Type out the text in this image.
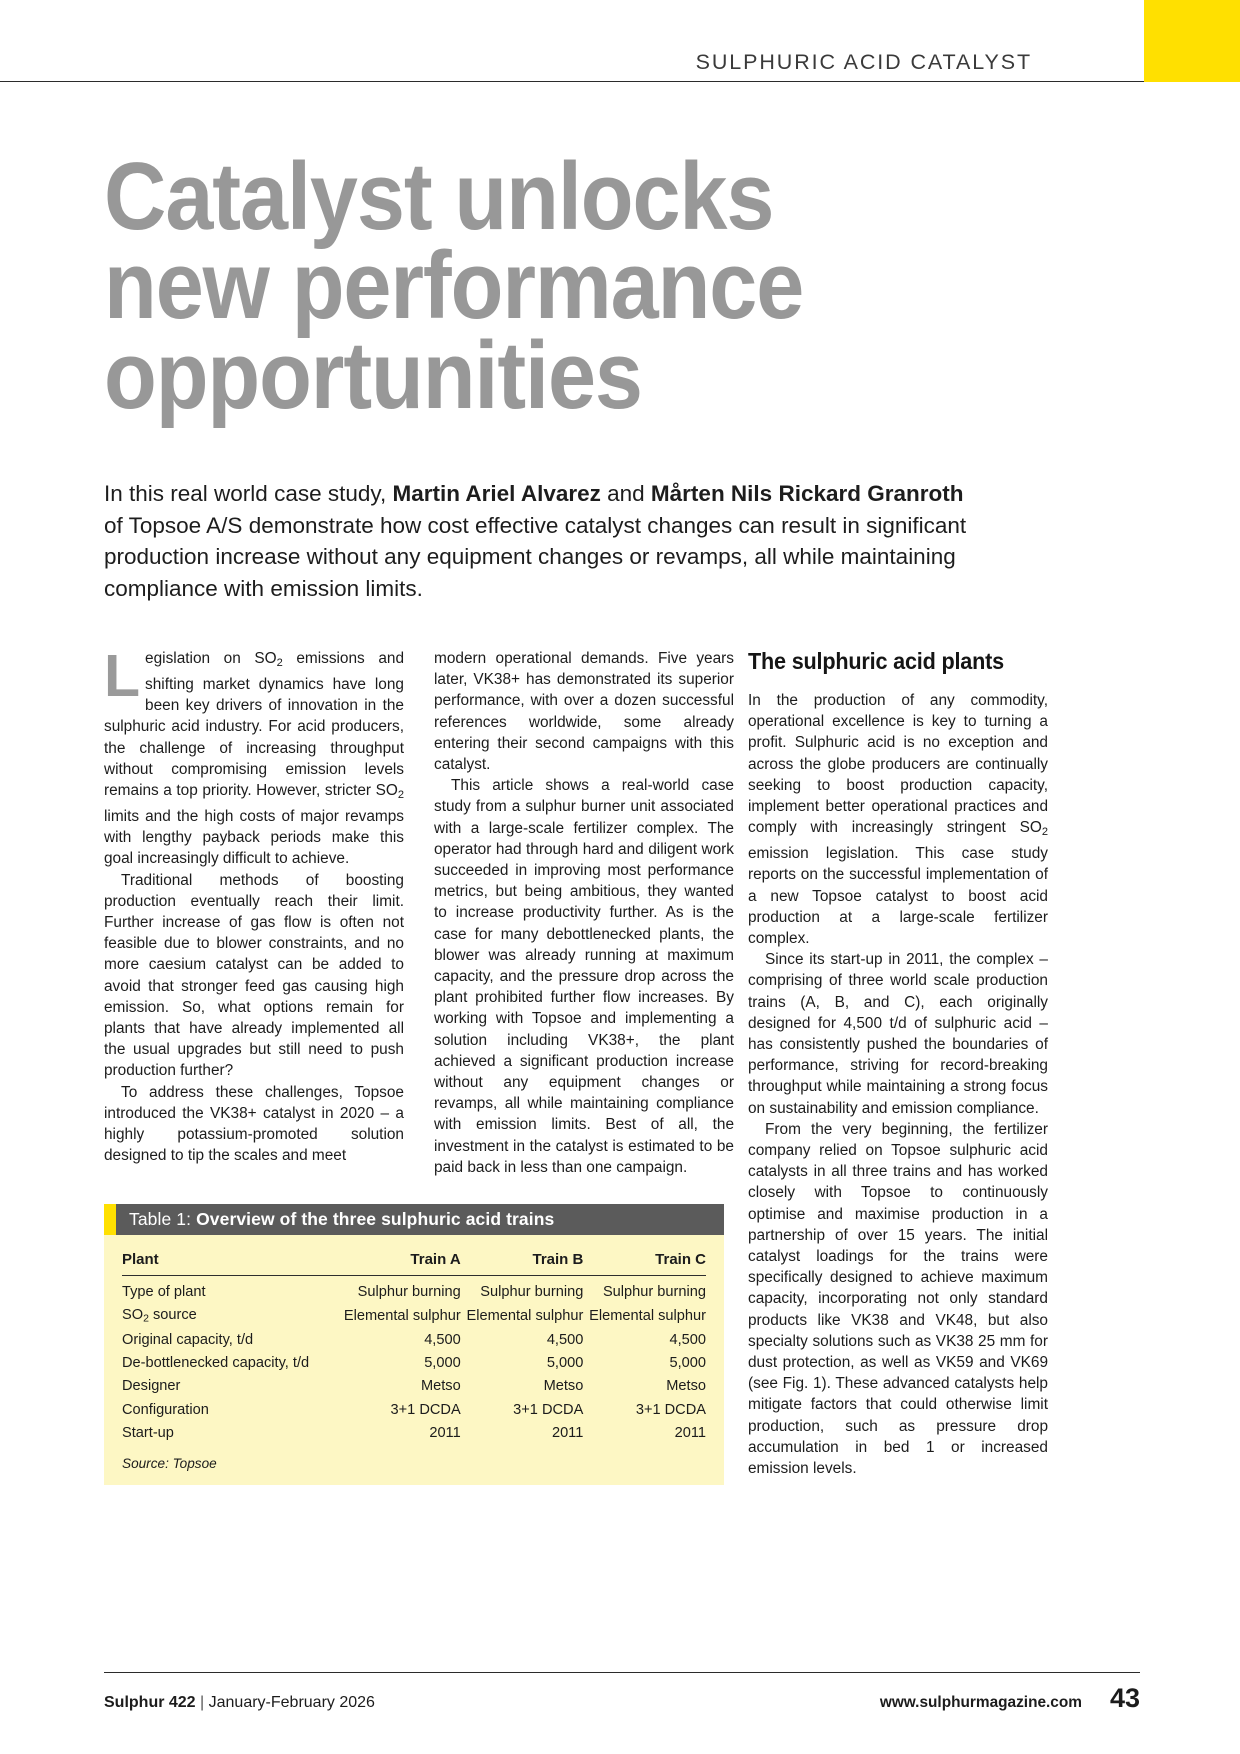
SULPHURIC ACID CATALYST
Catalyst unlocks
new performance
opportunities
In this real world case study, Martin Ariel Alvarez and Mårten Nils Rickard Granroth of Topsoe A/S demonstrate how cost effective catalyst changes can result in significant production increase without any equipment changes or revamps, all while maintaining compliance with emission limits.

Legislation on $SO_2$ emissions and shifting market dynamics have long been key drivers of innovation in the sulphuric acid industry. For acid producers, the challenge of increasing throughput without compromising emission levels remains a top priority. However, stricter $SO_2$ limits and the high costs of major revamps with lengthy payback periods make this goal increasingly difficult to achieve.

Traditional methods of boosting production eventually reach their limit. Further increase of gas flow is often not feasible due to blower constraints, and no more caesium catalyst can be added to avoid that stronger feed gas causing high emission. So, what options remain for plants that have already implemented all the usual upgrades but still need to push production further?

To address these challenges, Topsoe introduced the VK38+ catalyst in 2020 – a highly potassium-promoted solution designed to tip the scales and meet

modern operational demands. Five years later, VK38+ has demonstrated its superior performance, with over a dozen successful references worldwide, some already entering their second campaigns with this catalyst.

This article shows a real-world case study from a sulphur burner unit associated with a large-scale fertilizer complex. The operator had through hard and diligent work succeeded in improving most performance metrics, but being ambitious, they wanted to increase productivity further. As is the case for many debottlenecked plants, the blower was already running at maximum capacity, and the pressure drop across the plant prohibited further flow increases. By working with Topsoe and implementing a solution including VK38+, the plant achieved a significant production increase without any equipment changes or revamps, all while maintaining compliance with emission limits. Best of all, the investment in the catalyst is estimated to be paid back in less than one campaign.

The sulphuric acid plants

In the production of any commodity, operational excellence is key to turning a profit. Sulphuric acid is no exception and across the globe producers are continually seeking to boost production capacity, implement better operational practices and comply with increasingly stringent $SO_2$ emission legislation. This case study reports on the successful implementation of a new Topsoe catalyst to boost acid production at a large-scale fertilizer complex.

Since its start-up in 2011, the complex – comprising of three world scale production trains (A, B, and C), each originally designed for 4,500 t/d of sulphuric acid – has consistently pushed the boundaries of performance, striving for record-breaking throughput while maintaining a strong focus on sustainability and emission compliance.

From the very beginning, the fertilizer company relied on Topsoe sulphuric acid catalysts in all three trains and has worked closely with Topsoe to continuously optimise and maximise production in a partnership of over 15 years. The initial catalyst loadings for the trains were specifically designed to achieve maximum capacity, incorporating not only standard products like VK38 and VK48, but also specialty solutions such as VK38 25 mm for dust protection, as well as VK59 and VK69 (see Fig. 1). These advanced catalysts help mitigate factors that could otherwise limit production, such as pressure drop accumulation in bed 1 or increased emission levels.

Table 1: Overview of the three sulphuric acid trains
Plant	Train A	Train B	Train C
Type of plant	Sulphur burning	Sulphur burning	Sulphur burning
$SO_2$ source	Elemental sulphur	Elemental sulphur	Elemental sulphur
Original capacity, t/d	4,500	4,500	4,500
De-bottlenecked capacity, t/d	5,000	5,000	5,000
Designer	Metso	Metso	Metso
Configuration	3+1 DCDA	3+1 DCDA	3+1 DCDA
Start-up	2011	2011	2011
Source: Topsoe
Sulphur 422 | January-February 2026	www.sulphurmagazine.com 43
